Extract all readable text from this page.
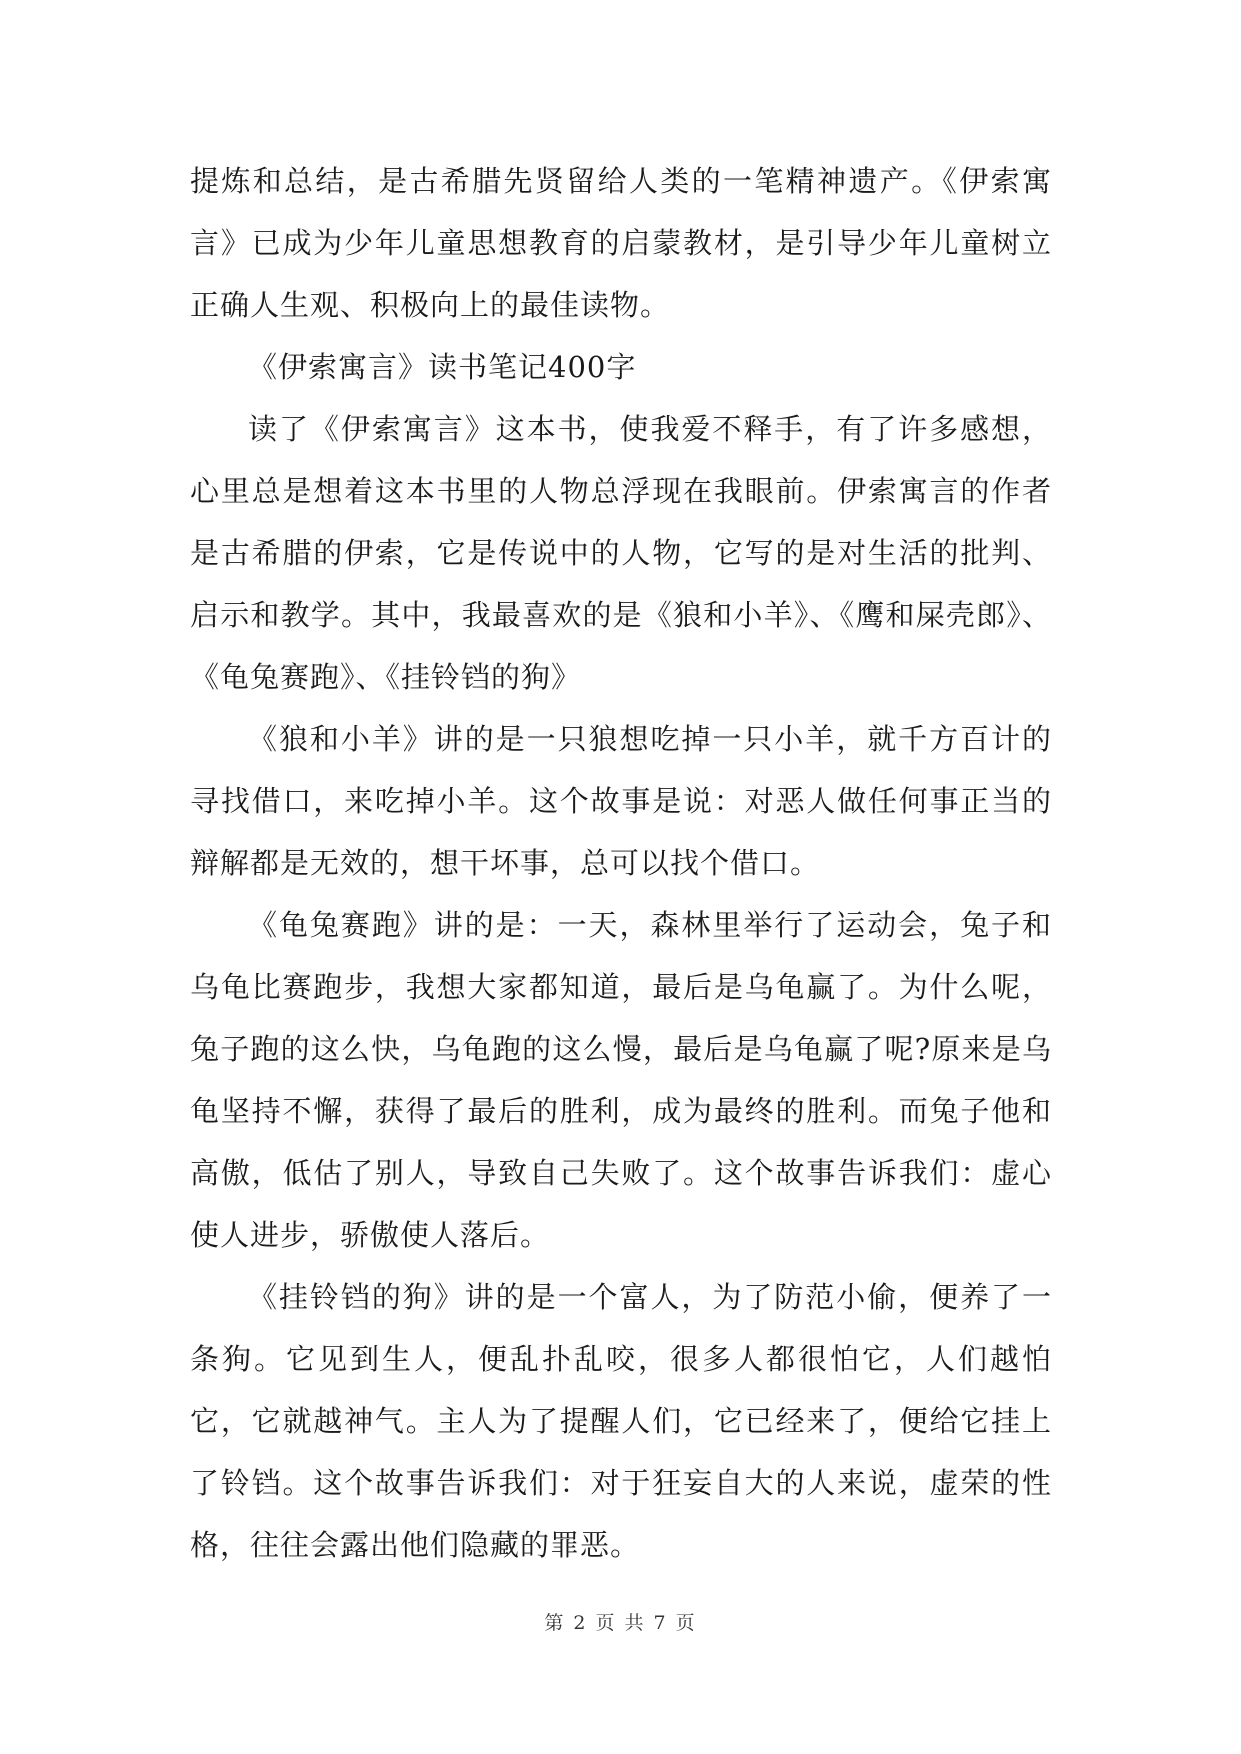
提炼和总结，是古希腊先贤留给人类的一笔精神遗产。《伊索寓言》已成为少年儿童思想教育的启蒙教材，是引导少年儿童树立正确人生观、积极向上的最佳读物。

《伊索寓言》读书笔记400字

读了《伊索寓言》这本书，使我爱不释手，有了许多感想，心里总是想着这本书里的人物总浮现在我眼前。伊索寓言的作者是古希腊的伊索，它是传说中的人物，它写的是对生活的批判、启示和教学。其中，我最喜欢的是《狼和小羊》、《鹰和屎壳郎》、《龟兔赛跑》、《挂铃铛的狗》

《狼和小羊》讲的是一只狼想吃掉一只小羊，就千方百计的寻找借口，来吃掉小羊。这个故事是说：对恶人做任何事正当的辩解都是无效的，想干坏事，总可以找个借口。

《龟兔赛跑》讲的是：一天，森林里举行了运动会，兔子和乌龟比赛跑步，我想大家都知道，最后是乌龟赢了。为什么呢，兔子跑的这么快，乌龟跑的这么慢，最后是乌龟赢了呢?原来是乌龟坚持不懈，获得了最后的胜利，成为最终的胜利。而兔子他和高傲，低估了别人，导致自己失败了。这个故事告诉我们：虚心使人进步，骄傲使人落后。

《挂铃铛的狗》讲的是一个富人，为了防范小偷，便养了一条狗。它见到生人，便乱扑乱咬，很多人都很怕它，人们越怕它，它就越神气。主人为了提醒人们，它已经来了，便给它挂上了铃铛。这个故事告诉我们：对于狂妄自大的人来说，虚荣的性格，往往会露出他们隐藏的罪恶。

第 2 页 共 7 页
